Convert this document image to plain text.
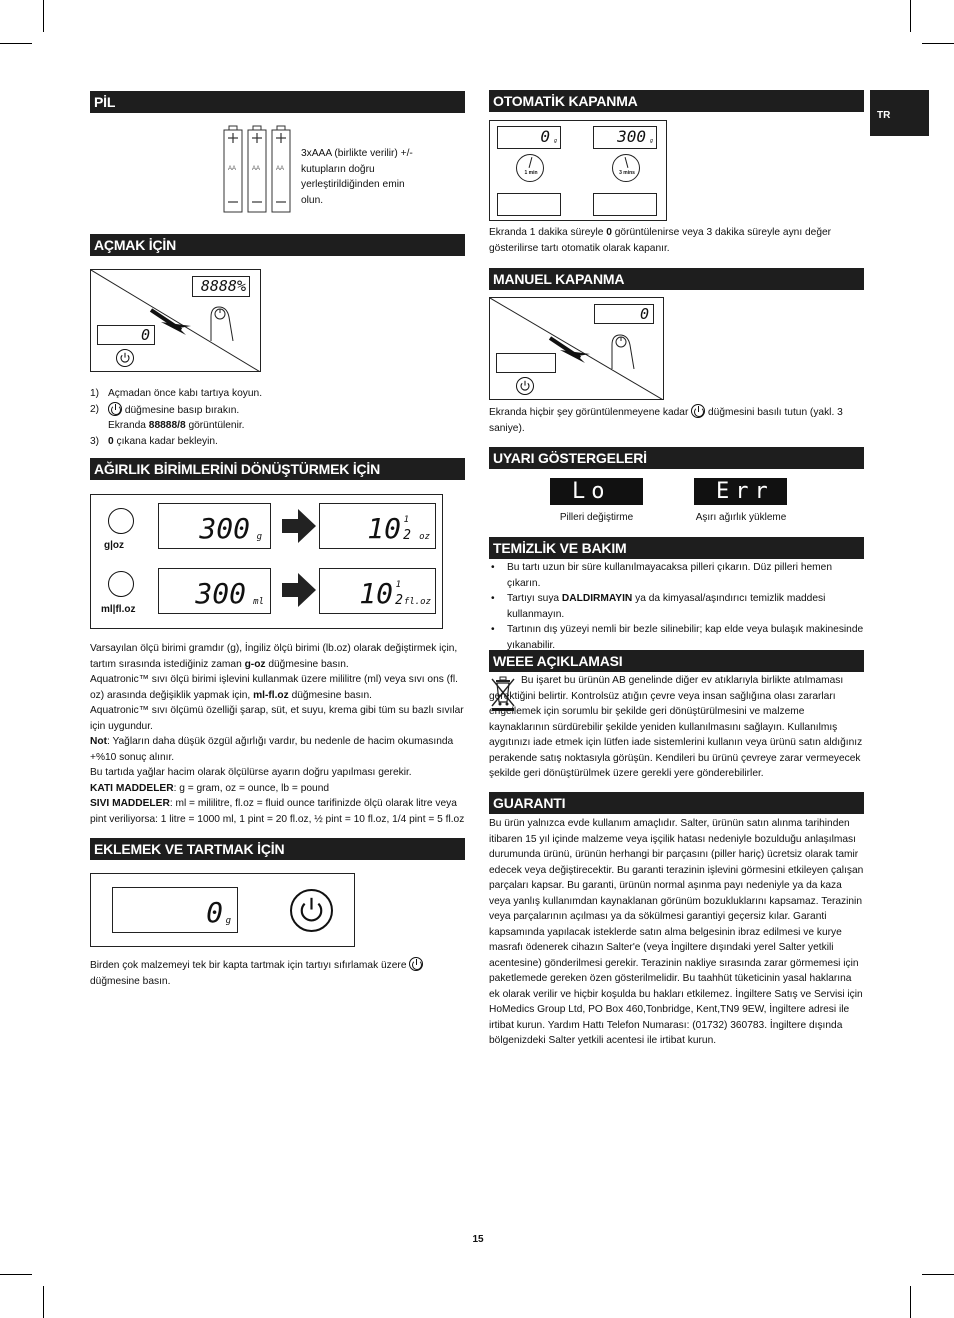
TR
PİL
AA	AA	AA
3xAAA (birlikte verilir) +/- kutupların doğru yerleştirildiğinden emin olun.
AÇMAK İÇİN
8888%
0
1) Açmadan önce kabı tartıya koyun.
2)	düğmesine basıp bırakın.
Ekranda 88888/8 görüntülenir.
3) 0 çıkana kadar bekleyin.
AĞIRLIK BİRİMLERİNİ DÖNÜŞTÜRMEK İÇİN
g|oz
ml|fl.oz
300 g	10 1
2 oz
300 ml	10 1
2 fl.oz
Varsayılan ölçü birimi gramdır (g), İngiliz ölçü birimi (lb.oz) olarak değiştirmek için, tartım sırasında istediğiniz zaman g-oz düğmesine basın.
Aquatronic™ sıvı ölçü birimi işlevini kullanmak üzere mililitre (ml) veya sıvı ons (fl. oz) arasında değişiklik yapmak için, ml-fl.oz düğmesine basın.
Aquatronic™ sıvı ölçümü özelliği şarap, süt, et suyu, krema gibi tüm su bazlı sıvılar için uygundur.
Not: Yağların daha düşük özgül ağırlığı vardır, bu nedenle de hacim okumasında +%10 sonuç alınır.
Bu tartıda yağlar hacim olarak ölçülürse ayarın doğru yapılması gerekir.
KATI MADDELER: g = gram, oz = ounce, lb = pound
SIVI MADDELER: ml = mililitre, fl.oz = fluid ounce tarifinizde ölçü olarak litre veya pint veriliyorsa: 1 litre = 1000 ml, 1 pint = 20 fl.oz, ½ pint = 10 fl.oz, 1/4 pint = 5 fl.oz
EKLEMEK VE TARTMAK İÇİN
0 g
Birden çok malzemeyi tek bir kapta tartmak için tartıyı sıfırlamak üzere  düğmesine basın.
OTOMATİK KAPANMA
0 g	300 g
1 min	3 mins
Ekranda 1 dakika süreyle 0 görüntülenirse veya 3 dakika süreyle aynı değer gösterilirse tartı otomatik olarak kapanır.
MANUEL KAPANMA
0
Ekranda hiçbir şey görüntülenmeyene kadar  düğmesini basılı tutun (yakl. 3 saniye).
UYARI GÖSTERGELERİ
Lo	Err
Pilleri değiştirme	Aşırı ağırlık yükleme
TEMİZLİK VE BAKIM
• Bu tartı uzun bir süre kullanılmayacaksa pilleri çıkarın. Düz pilleri hemen çıkarın.
• Tartıyı suya DALDIRMAYIN ya da kimyasal/aşındırıcı temizlik maddesi kullanmayın.
• Tartının dış yüzeyi nemli bir bezle silinebilir; kap elde veya bulaşık makinesinde yıkanabilir.
WEEE AÇIKLAMASI
Bu işaret bu ürünün AB genelinde diğer ev atıklarıyla birlikte atılmaması gerektiğini belirtir. Kontrolsüz atığın çevre veya insan sağlığına olası zararları engellemek için sorumlu bir şekilde geri dönüştürülmesini ve malzeme kaynaklarının sürdürebilir şekilde yeniden kullanılmasını sağlayın. Kullanılmış aygıtınızı iade etmek için lütfen iade sistemlerini kullanın veya ürünü satın aldığınız perakende satış noktasıyla görüşün. Kendileri bu ürünü çevreye zarar vermeyecek şekilde geri dönüştürülmek üzere gerekli yere gönderebilirler.
GUARANTI
Bu ürün yalnızca evde kullanım amaçlıdır. Salter, ürünün satın alınma tarihinden itibaren 15 yıl içinde malzeme veya işçilik hatası nedeniyle bozulduğu anlaşılması durumunda ürünü, ürünün herhangi bir parçasını (piller hariç) ücretsiz olarak tamir edecek veya değiştirecektir. Bu garanti terazinin işlevini görmesini etkileyen çalışan parçaları kapsar. Bu garanti, ürünün normal aşınma payı nedeniyle ya da kaza veya yanlış kullanımdan kaynaklanan görünüm bozukluklarını kapsamaz. Terazinin veya parçalarının açılması ya da sökülmesi garantiyi geçersiz kılar. Garanti kapsamında yapılacak isteklerde satın alma belgesinin ibraz edilmesi ve kurye masrafı ödenerek cihazın Salter'e (veya İngiltere dışındaki yerel Salter yetkili acentesine) gönderilmesi gerekir. Terazinin nakliye sırasında zarar görmemesi için paketlemede gereken özen gösterilmelidir. Bu taahhüt tüketicinin yasal haklarına ek olarak verilir ve hiçbir koşulda bu hakları etkilemez. İngiltere Satış ve Servisi için HoMedics Group Ltd, PO Box 460,Tonbridge, Kent,TN9 9EW, İngiltere adresi ile irtibat kurun. Yardım Hattı Telefon Numarası: (01732) 360783. İngiltere dışında bölgenizdeki Salter yetkili acentesi ile irtibat kurun.
15
